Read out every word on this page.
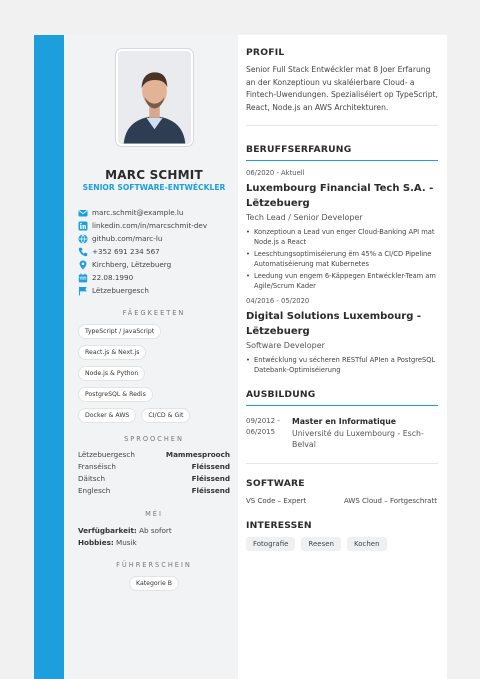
MARC SCHMIT
SENIOR SOFTWARE-ENTWÉCKLER
marc.schmit@example.lu
linkedin.com/in/marcschmit-dev
github.com/marc-lu
+352 691 234 567
Kirchberg, Lëtzebuerg
22.08.1990
Lëtzebuergesch
FÄEGKEETEN
TypeScript / JavaScript
React.js & Next.js
Node.js & Python
PostgreSQL & Redis
Docker & AWS	CI/CD & Git
SPROOCHEN
Lëtzebuergesch	Mammesprooch
Franséisch	Fléissend
Däitsch	Fléissend
Englesch	Fléissend
MÉI
Verfügbarkeit: Ab sofort
Hobbies: Musik
FÜHRERSCHEIN
Kategorie B
PROFIL

Senior Full Stack Entwéckler mat 8 Joer Erfarung an der Konzeptioun vu skaléierbare Cloud- a Fintech-Uwendungen. Spezialiséiert op TypeScript, React, Node.js an AWS Architekturen.

BERUFFSERFARUNG
06/2020 - Aktuell
Luxembourg Financial Tech S.A. - Lëtzebuerg
Tech Lead / Senior Developer
• Konzeptioun a Lead vun enger Cloud-Banking API mat Node.js a React
• Leeschtungsoptimiséierung ëm 45% a CI/CD Pipeline Automatiséierung mat Kubernetes
• Leedung vun engem 6-Käppegen Entwéckler-Team am Agile/Scrum Kader
04/2016 - 05/2020
Digital Solutions Luxembourg - Lëtzebuerg
Software Developer
• Entwécklung vu sécheren RESTful APIen a PostgreSQL Datebank-Optimiséierung
AUSBILDUNG
09/2012 -
06/2015
Master en Informatique
Université du Luxembourg - Esch-Belval
SOFTWARE
VS Code – Expert	AWS Cloud – Fortgeschratt
INTERESSEN
Fotografie	Reesen	Kochen
